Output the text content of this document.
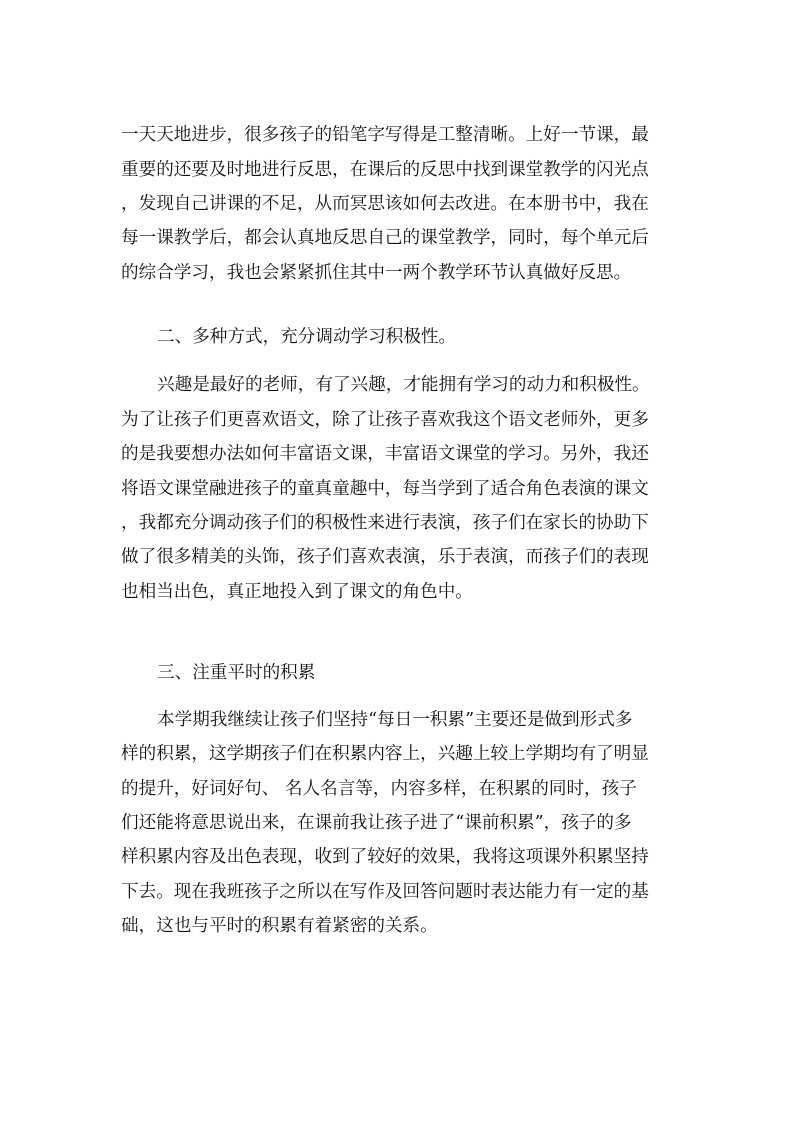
一天天地进步，很多孩子的铅笔字写得是工整清晰。上好一节课，最
重要的还要及时地进行反思，在课后的反思中找到课堂教学的闪光点
，发现自己讲课的不足，从而冥思该如何去改进。在本册书中，我在
每一课教学后，都会认真地反思自己的课堂教学，同时，每个单元后
的综合学习，我也会紧紧抓住其中一两个教学环节认真做好反思。
二、多种方式，充分调动学习积极性。
兴趣是最好的老师，有了兴趣，才能拥有学习的动力和积极性。
为了让孩子们更喜欢语文，除了让孩子喜欢我这个语文老师外，更多
的是我要想办法如何丰富语文课，丰富语文课堂的学习。另外，我还
将语文课堂融进孩子的童真童趣中，每当学到了适合角色表演的课文
，我都充分调动孩子们的积极性来进行表演，孩子们在家长的协助下
做了很多精美的头饰，孩子们喜欢表演，乐于表演，而孩子们的表现
也相当出色，真正地投入到了课文的角色中。
三、注重平时的积累
本学期我继续让孩子们坚持“每日一积累”主要还是做到形式多
样的积累，这学期孩子们在积累内容上，兴趣上较上学期均有了明显
的提升，好词好句、 名人名言等，内容多样，在积累的同时，孩子
们还能将意思说出来，在课前我让孩子进了“课前积累”，孩子的多
样积累内容及出色表现，收到了较好的效果，我将这项课外积累坚持
下去。现在我班孩子之所以在写作及回答问题时表达能力有一定的基
础，这也与平时的积累有着紧密的关系。
